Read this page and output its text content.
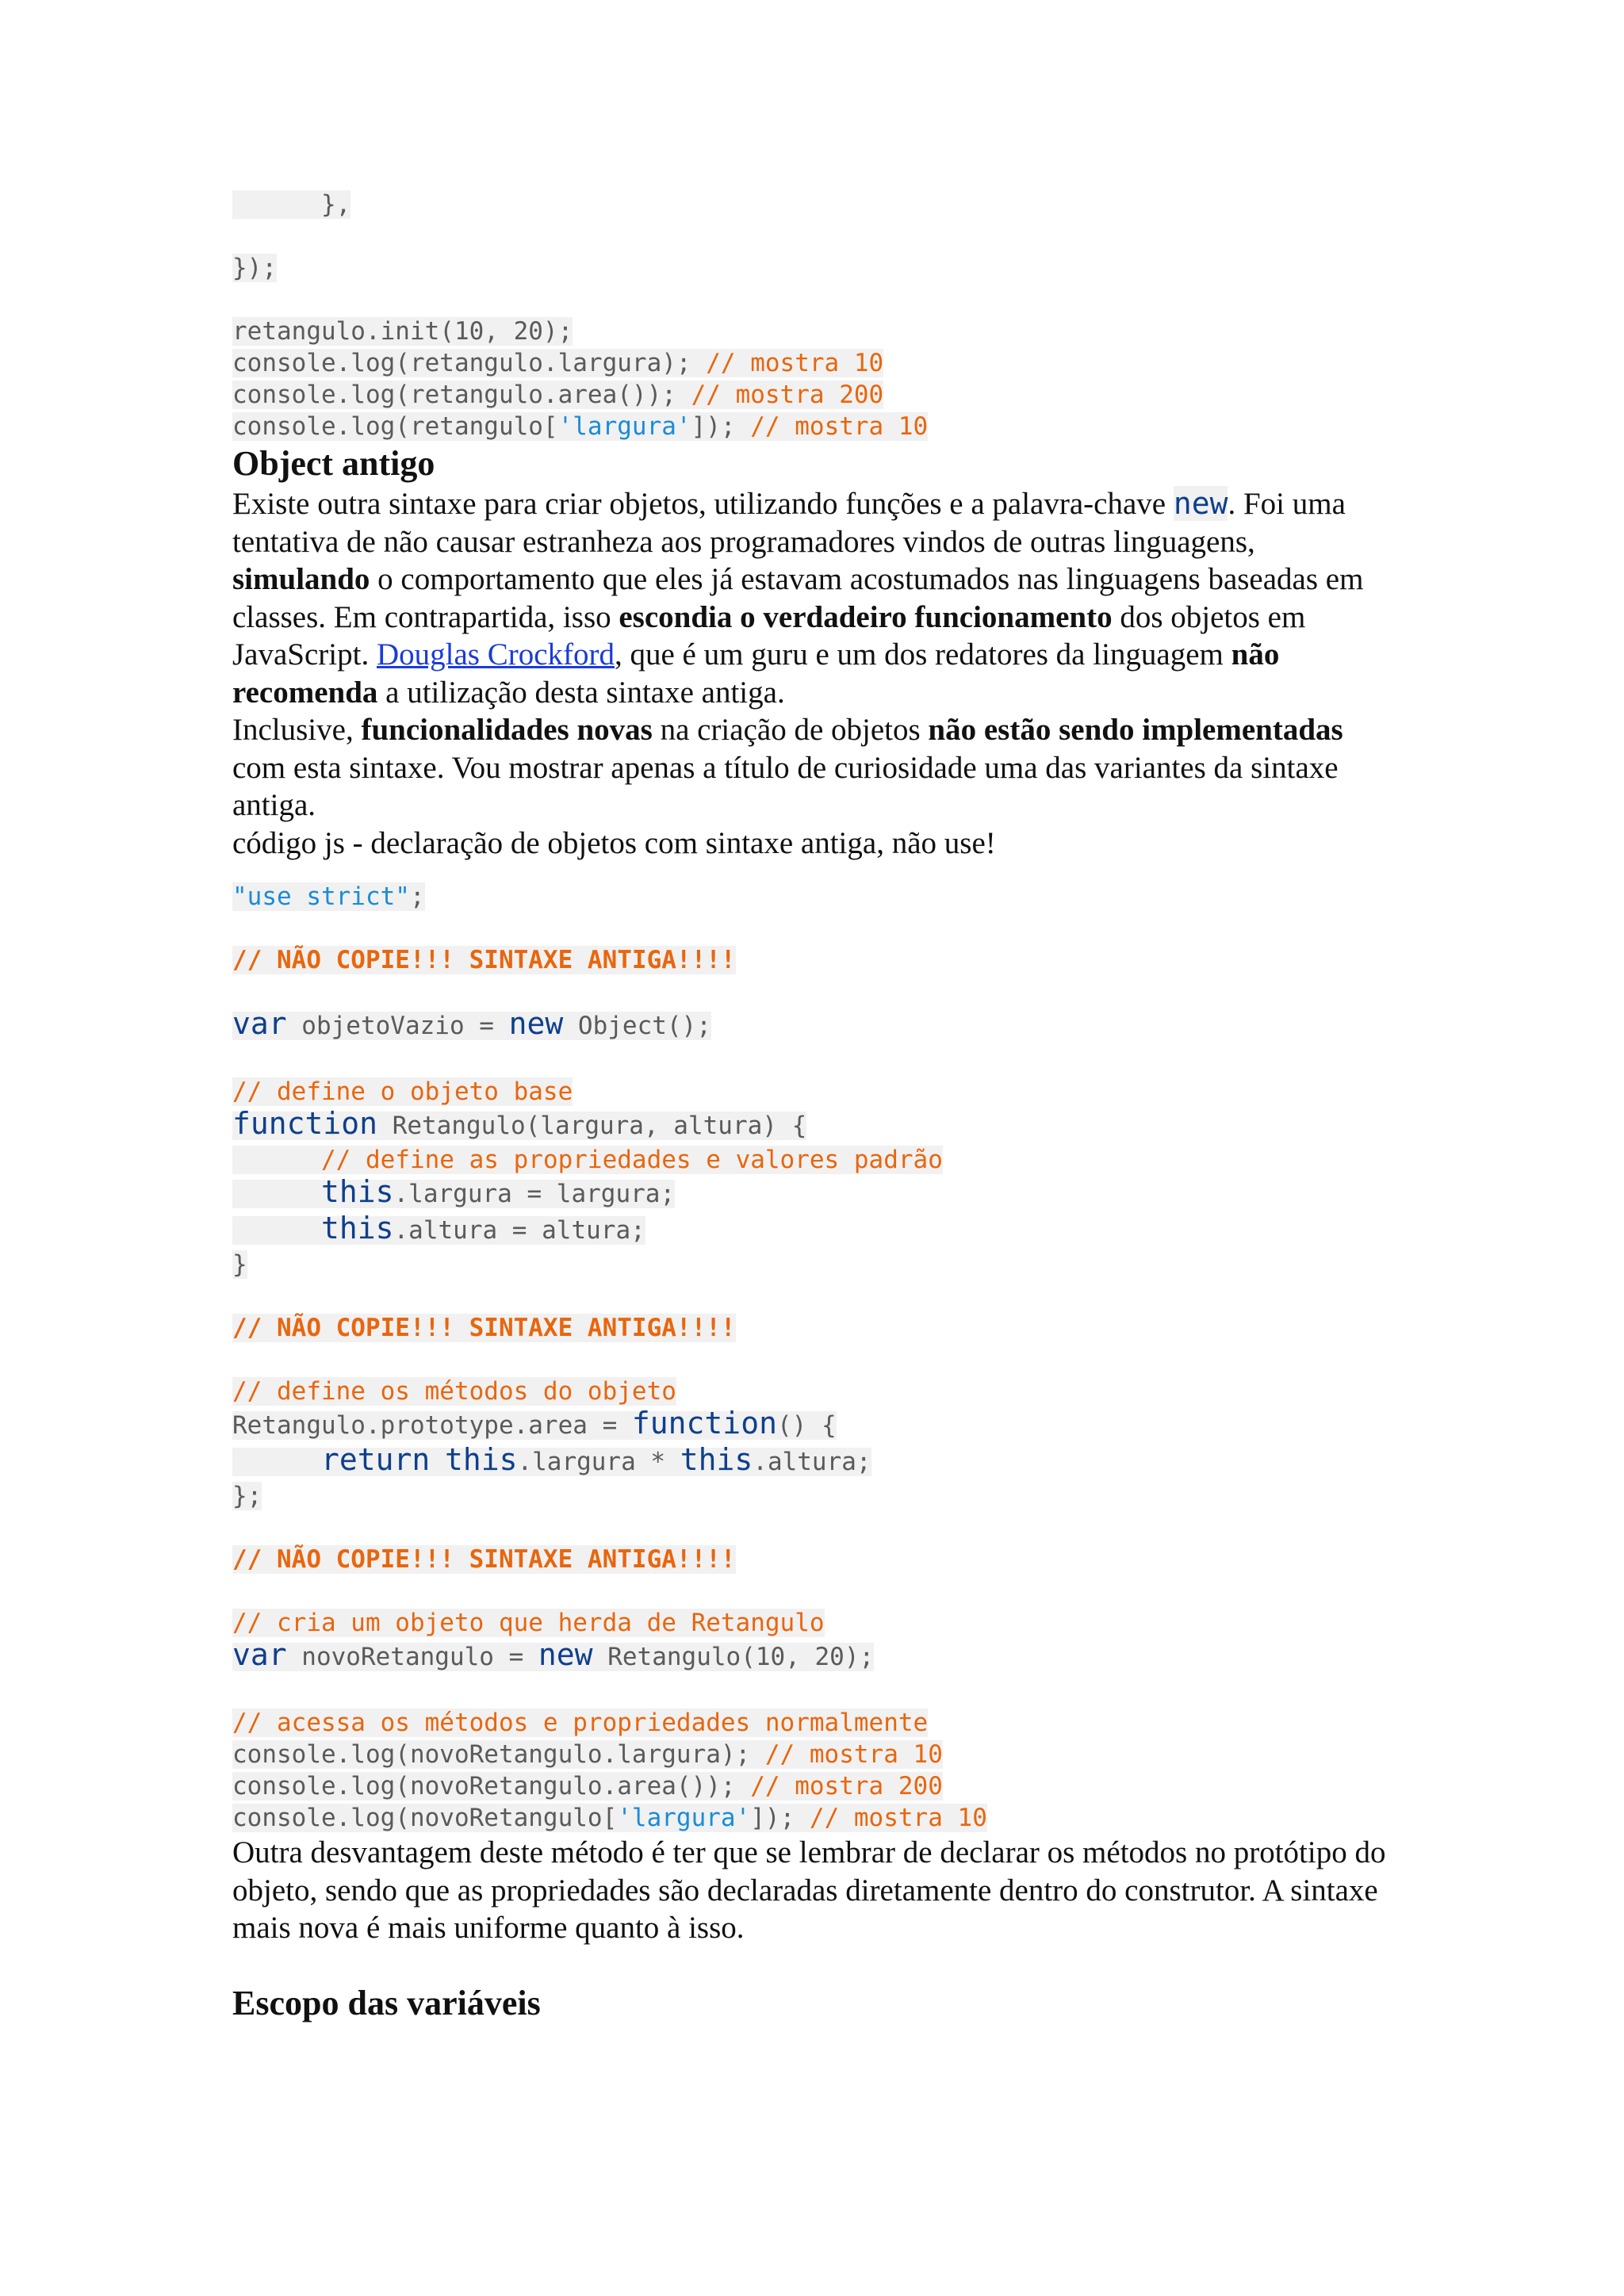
},
});
retangulo.init(10, 20);
console.log(retangulo.largura); // mostra 10
console.log(retangulo.area()); // mostra 200
console.log(retangulo['largura']); // mostra 10
Object antigo

Existe outra sintaxe para criar objetos, utilizando funções e a palavra-chave new. Foi uma tentativa de não causar estranheza aos programadores vindos de outras linguagens, simulando o comportamento que eles já estavam acostumados nas linguagens baseadas em classes. Em contrapartida, isso escondia o verdadeiro funcionamento dos objetos em JavaScript. Douglas Crockford, que é um guru e um dos redatores da linguagem não recomenda a utilização desta sintaxe antiga.

Inclusive, funcionalidades novas na criação de objetos não estão sendo implementadas com esta sintaxe. Vou mostrar apenas a título de curiosidade uma das variantes da sintaxe antiga.

código js - declaração de objetos com sintaxe antiga, não use!

"use strict";
// NÃO COPIE!!! SINTAXE ANTIGA!!!!
var objetoVazio = new Object();
// define o objeto base
function Retangulo(largura, altura) {
// define as propriedades e valores padrão
this.largura = largura;
this.altura = altura;
}
// NÃO COPIE!!! SINTAXE ANTIGA!!!!
// define os métodos do objeto
Retangulo.prototype.area = function() {
return this.largura * this.altura;
};
// NÃO COPIE!!! SINTAXE ANTIGA!!!!
// cria um objeto que herda de Retangulo
var novoRetangulo = new Retangulo(10, 20);
// acessa os métodos e propriedades normalmente
console.log(novoRetangulo.largura); // mostra 10
console.log(novoRetangulo.area()); // mostra 200
console.log(novoRetangulo['largura']); // mostra 10

Outra desvantagem deste método é ter que se lembrar de declarar os métodos no protótipo do objeto, sendo que as propriedades são declaradas diretamente dentro do construtor. A sintaxe mais nova é mais uniforme quanto à isso.

Escopo das variáveis
